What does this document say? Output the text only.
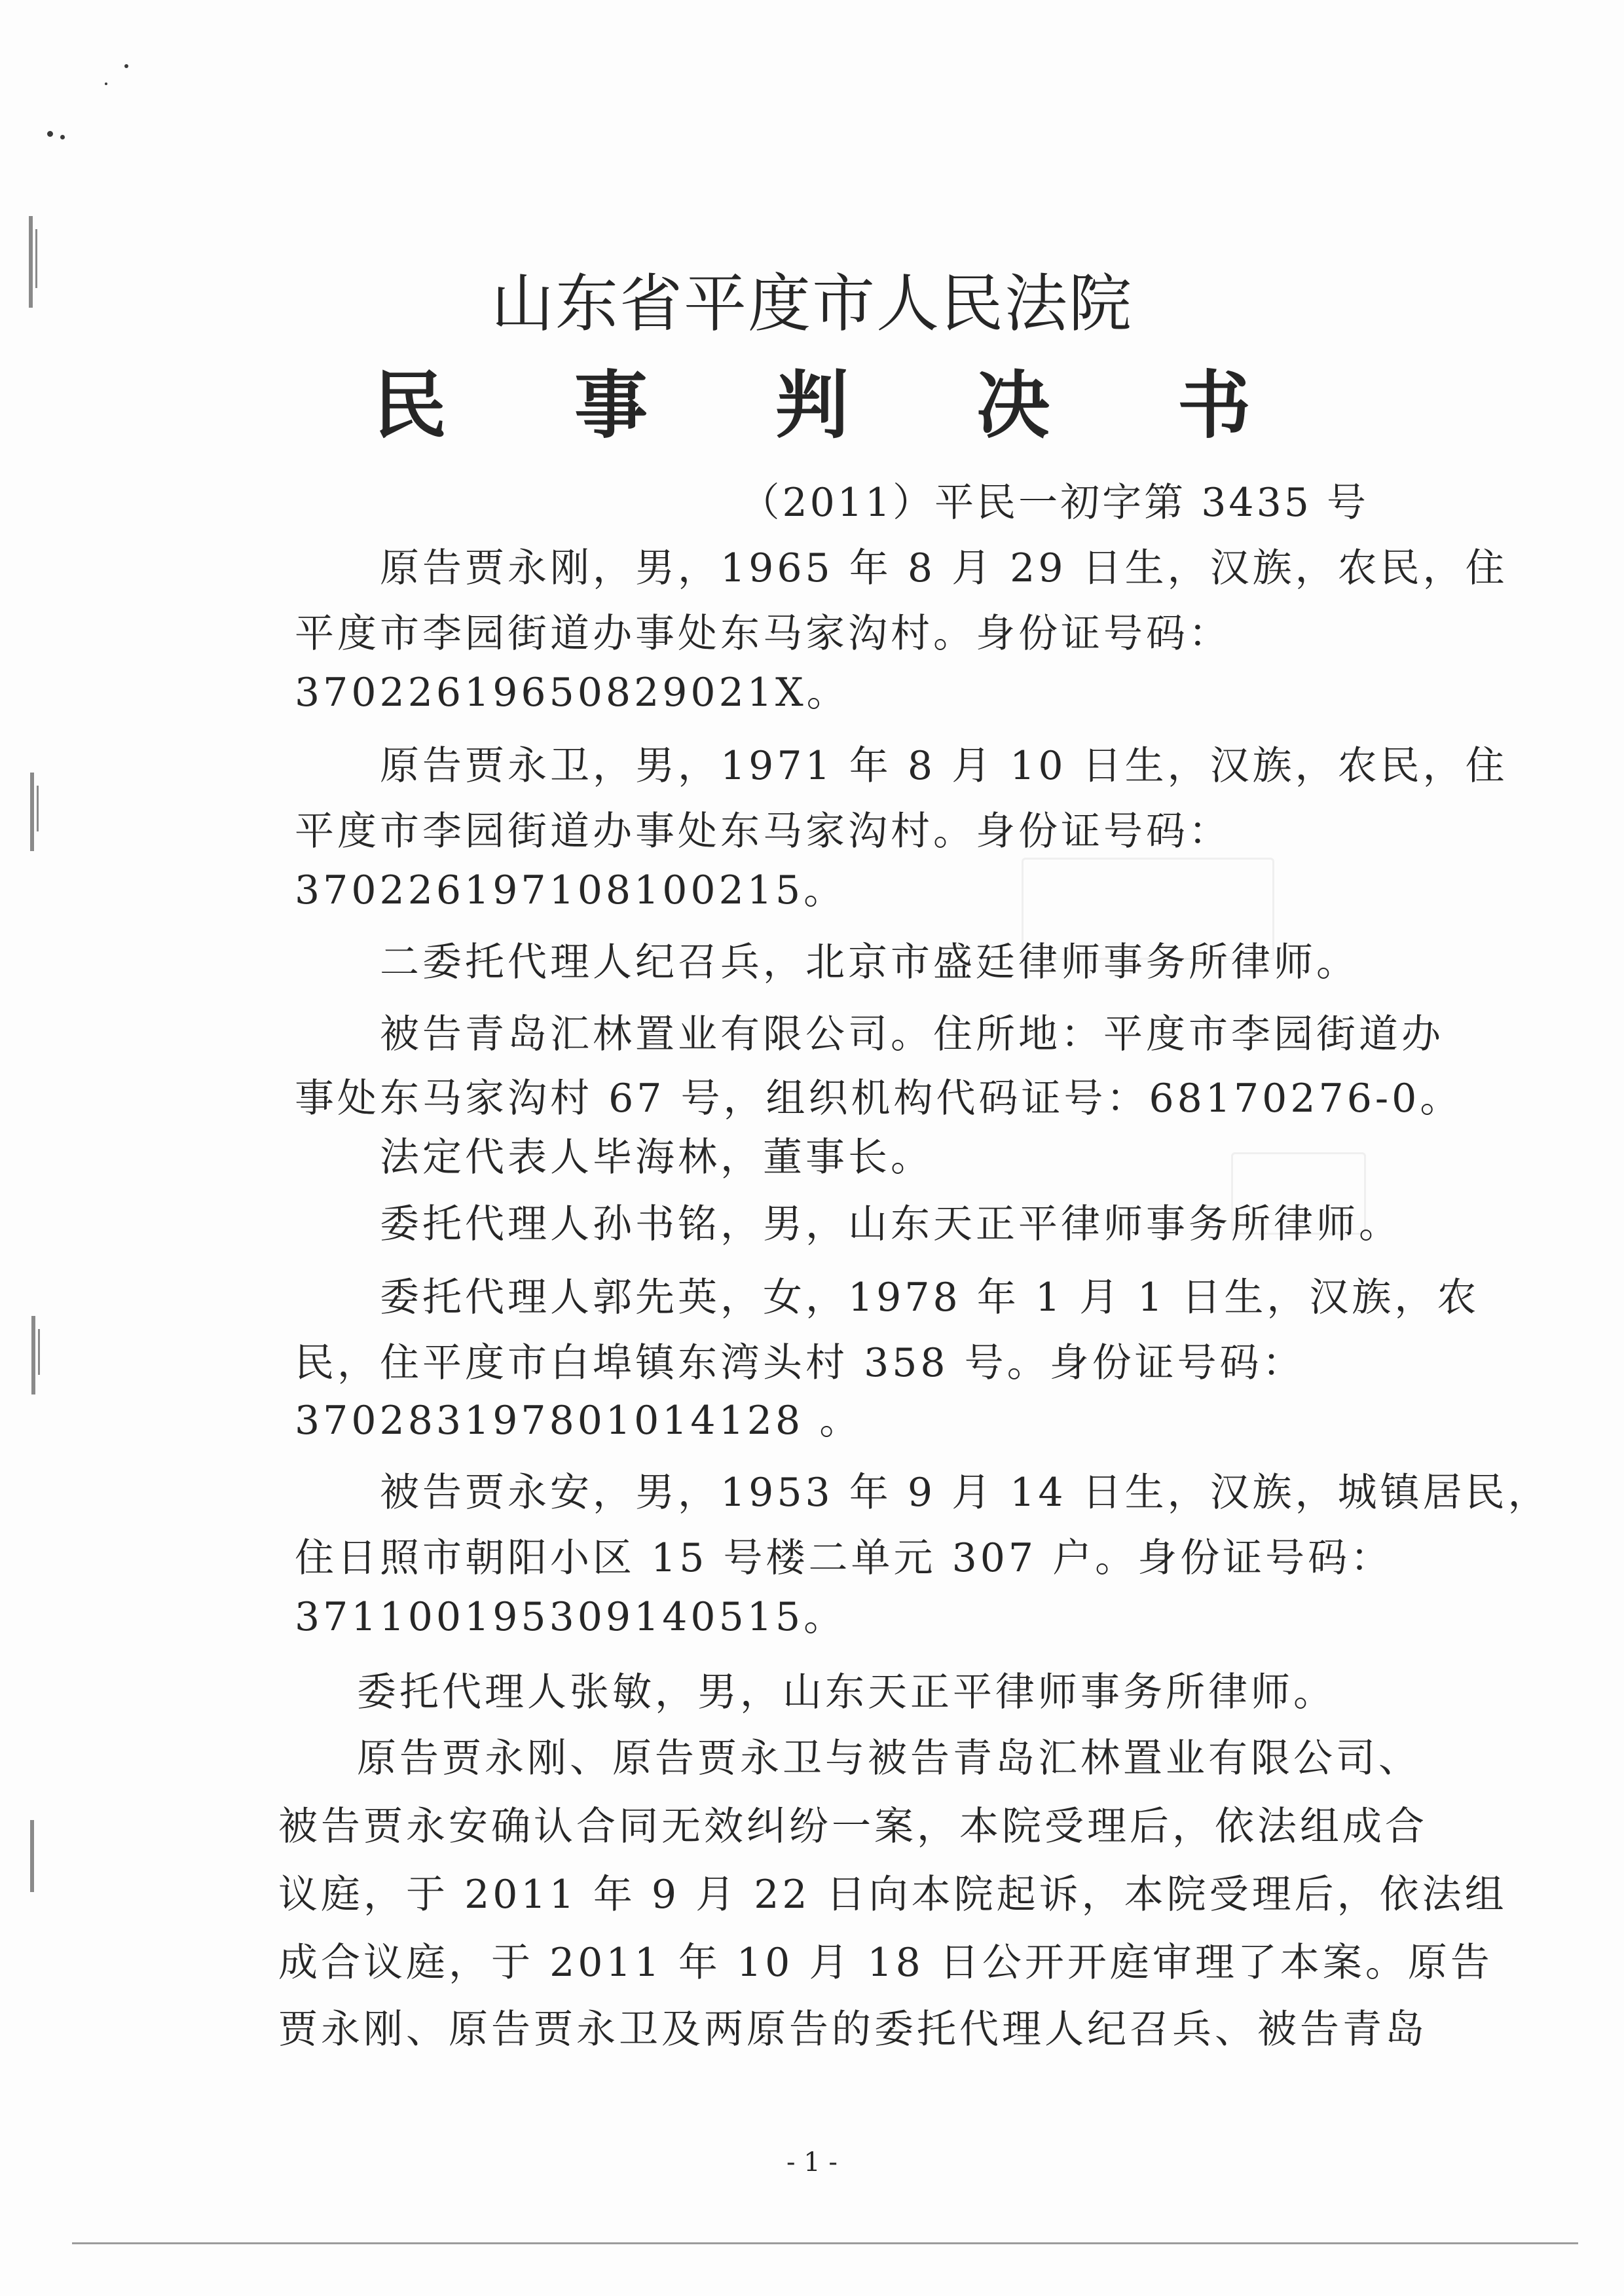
山东省平度市人民法院
民 事 判 决 书
（2011）平民一初字第 3435 号
原告贾永刚，男，1965 年 8 月 29 日生，汉族，农民，住
平度市李园街道办事处东马家沟村。身份证号码：
37022619650829021X。
原告贾永卫，男，1971 年 8 月 10 日生，汉族，农民，住
平度市李园街道办事处东马家沟村。身份证号码：
370226197108100215。
二委托代理人纪召兵，北京市盛廷律师事务所律师。
被告青岛汇林置业有限公司。住所地：平度市李园街道办
事处东马家沟村 67 号，组织机构代码证号：68170276-0。
法定代表人毕海林，董事长。
委托代理人孙书铭，男，山东天正平律师事务所律师。
委托代理人郭先英，女，1978 年 1 月 1 日生，汉族，农
民，住平度市白埠镇东湾头村 358 号。身份证号码：
370283197801014128 。
被告贾永安，男，1953 年 9 月 14 日生，汉族，城镇居民，
住日照市朝阳小区 15 号楼二单元 307 户。身份证号码：
371100195309140515。
委托代理人张敏，男，山东天正平律师事务所律师。
原告贾永刚、原告贾永卫与被告青岛汇林置业有限公司、
被告贾永安确认合同无效纠纷一案，本院受理后，依法组成合
议庭，于 2011 年 9 月 22 日向本院起诉，本院受理后，依法组
成合议庭，于 2011 年 10 月 18 日公开开庭审理了本案。原告
贾永刚、原告贾永卫及两原告的委托代理人纪召兵、被告青岛
- 1 -
